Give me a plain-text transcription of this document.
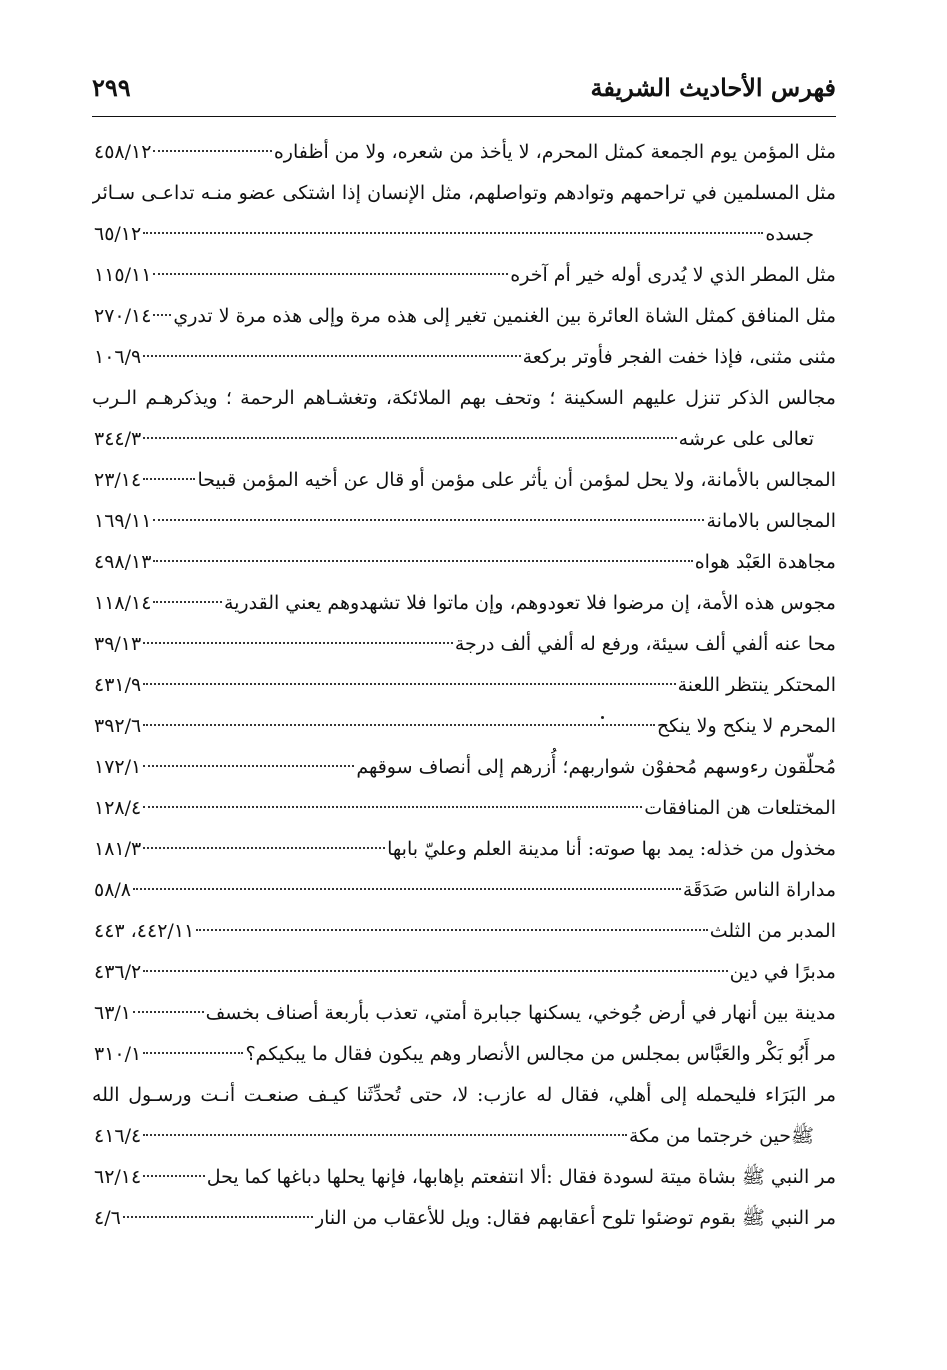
فهرس الأحاديث الشريفة
٢٩٩
مثل المؤمن يوم الجمعة كمثل المحرم، لا يأخذ من شعره، ولا من أظفاره
٤٥٨/١٢
مثل المسلمين في تراحمهم وتوادهم وتواصلهم، مثل الإنسان إذا اشتكى عضو منـه تداعـى سـائر
جسده
٦٥/١٢
مثل المطر الذي لا يُدرى أوله خير أم آخره
١١٥/١١
مثل المنافق كمثل الشاة العائرة بين الغنمين تغير إلى هذه مرة وإلى هذه مرة لا تدري
٢٧٠/١٤
مثنى مثنى، فإذا خفت الفجر فأوتر بركعة
١٠٦/٩
مجالس الذكر تنزل عليهم السكينة ؛ وتحف بهم الملائكة، وتغشـاهم الرحمة ؛ ويذكرهـم الـرب
تعالى على عرشه
٣٤٤/٣
المجالس بالأمانة، ولا يحل لمؤمن أن يأثر على مؤمن أو قال عن أخيه المؤمن قبيحا
٢٣/١٤
المجالس بالامانة
١٦٩/١١
مجاهدة العَبْد هواه
٤٩٨/١٣
مجوس هذه الأمة، إن مرضوا فلا تعودوهم، وإن ماتوا فلا تشهدوهم يعني القدرية
١١٨/١٤
محا عنه ألفي ألف سيئة، ورفع له ألفي ألف درجة
٣٩/١٣
المحتكر ينتظر اللعنة
٤٣١/٩
المحرم لا ينكح ولا ينكح
٣٩٢/٦
مُحلّقون رءوسهم مُحفوْن شواربهم؛ أُزرهم إلى أنصاف سوقهم
١٧٢/١
المختلعات هن المنافقات
١٢٨/٤
مخذول من خذله: يمد بها صوته: أنا مدينة العلم وعليّ بابها
١٨١/٣
مداراة الناس صَدَقَة
٥٨/٨
المدبر من الثلث
٤٤٢/١١، ٤٤٣
مدبرًا في دين
٤٣٦/٢
مدينة بين أنهار في أرض جُوخي، يسكنها جبابرة أمتي، تعذب بأربعة أصناف بخسف
٦٣/١
مر أَبُو بَكْر والعَبَّاس بمجلس من مجالس الأنصار وهم يبكون فقال ما يبكيكم؟
٣١٠/١
مر البَرَاء فليحمله إلى أهلي، فقال له عازب: لا، حتى تُحدِّثَنا كيـف صنعـت أنـت ورسـول الله
ﷺحين خرجتما من مكة
٤١٦/٤
مر النبي ﷺ بشاة ميتة لسودة فقال :ألا انتفعتم بإهابها، فإنها يحلها دباغها كما يحل
٦٢/١٤
مر النبي ﷺ بقوم توضئوا تلوح أعقابهم فقال: ويل للأعقاب من النار
٤/٦
